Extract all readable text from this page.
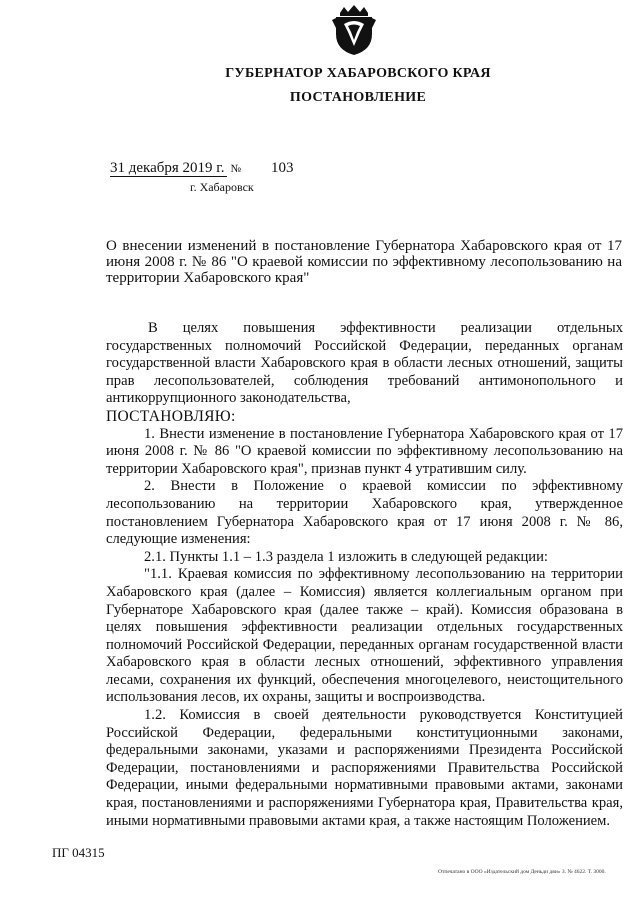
ГУБЕРНАТОР ХАБАРОВСКОГО КРАЯ
ПОСТАНОВЛЕНИЕ
31 декабря 2019 г. № 103
г. Хабаровск
О внесении изменений в постановление Губернатора Хабаровского края от 17 июня 2008 г. № 86 "О краевой комиссии по эффективному лесопользованию на территории Хабаровского края"

В целях повышения эффективности реализации отдельных государственных полномочий Российской Федерации, переданных органам государственной власти Хабаровского края в области лесных отношений, защиты прав лесопользователей, соблюдения требований антимонопольного и антикоррупционного законодательства,

ПОСТАНОВЛЯЮ:

1. Внести изменение в постановление Губернатора Хабаровского края от 17 июня 2008 г. № 86 "О краевой комиссии по эффективному лесопользованию на территории Хабаровского края", признав пункт 4 утратившим силу.

2. Внести в Положение о краевой комиссии по эффективному лесопользованию на территории Хабаровского края, утвержденное постановлением Губернатора Хабаровского края от 17 июня 2008 г. № 86, следующие изменения:

2.1. Пункты 1.1 – 1.3 раздела 1 изложить в следующей редакции:

"1.1. Краевая комиссия по эффективному лесопользованию на территории Хабаровского края (далее – Комиссия) является коллегиальным органом при Губернаторе Хабаровского края (далее также – край). Комиссия образована в целях повышения эффективности реализации отдельных государственных полномочий Российской Федерации, переданных органам государственной власти Хабаровского края в области лесных отношений, эффективного управления лесами, сохранения их функций, обеспечения многоцелевого, неистощительного использования лесов, их охраны, защиты и воспроизводства.

1.2. Комиссия в своей деятельности руководствуется Конституцией Российской Федерации, федеральными конституционными законами, федеральными законами, указами и распоряжениями Президента Российской Федерации, постановлениями и распоряжениями Правительства Российской Федерации, иными федеральными нормативными правовыми актами, законами края, постановлениями и распоряжениями Губернатора края, Правительства края, иными нормативными правовыми актами края, а также настоящим Положением.

ПГ 04315
Отпечатано в ООО «Издательский дом Деньди дви» З. № 4622. Т. 3000.
